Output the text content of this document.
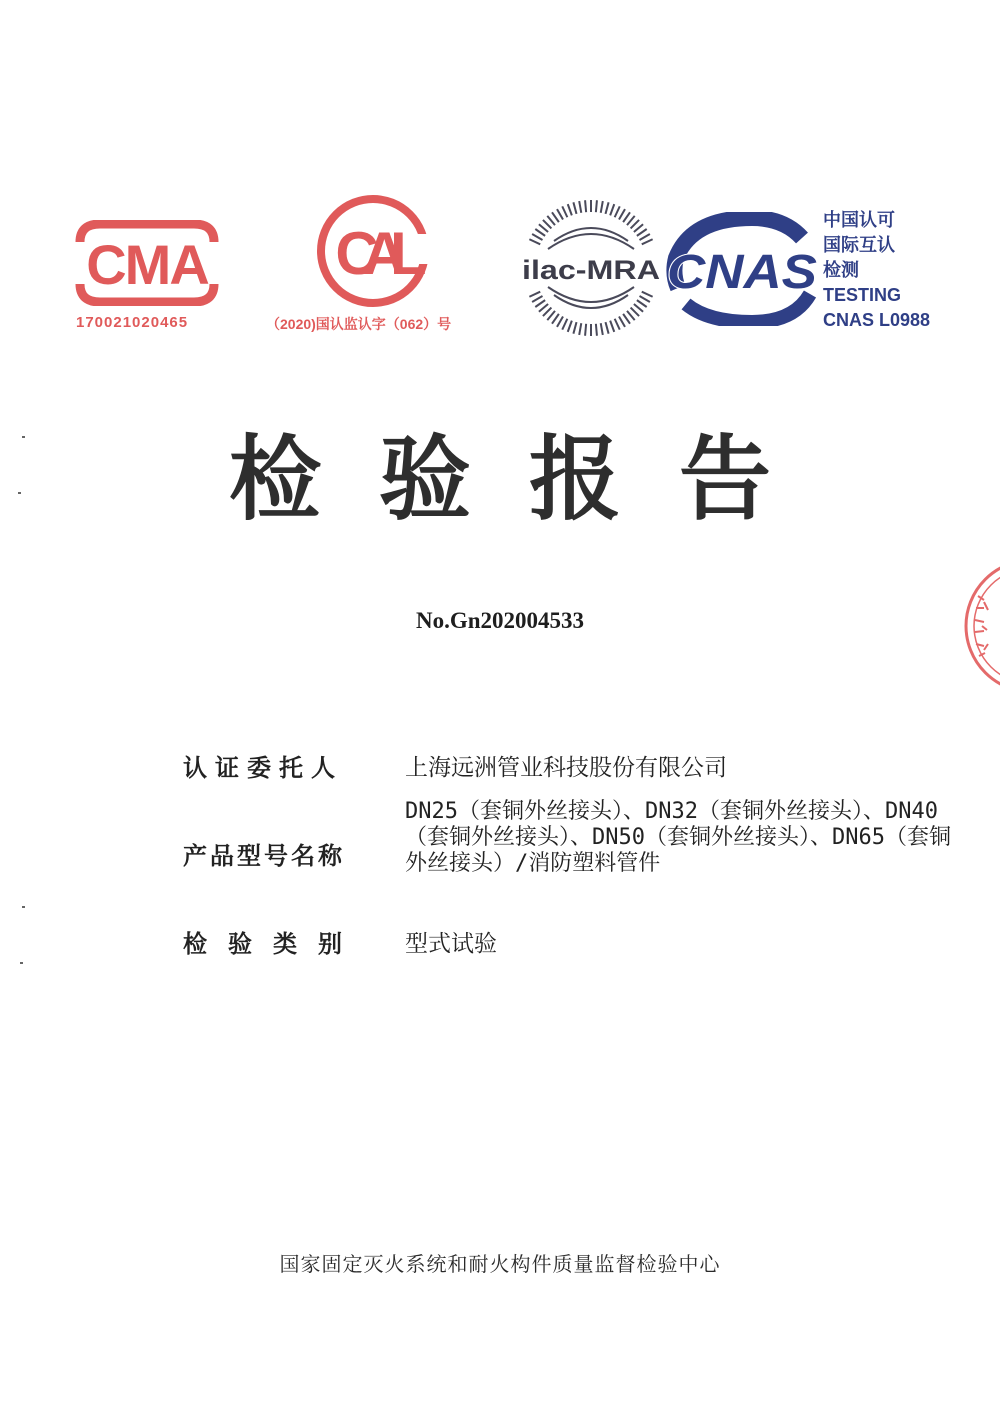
CMA
170021020465
CAL
（2020)国认监认字（062）号
ilac-MRA CNAS
中国认可
国际互认
检测
TESTING
CNAS L0988
检验报告
No.Gn202004533
认证委托人	上海远洲管业科技股份有限公司
产品型号名称
DN25（套铜外丝接头）、DN32（套铜外丝接头）、DN40（套铜外丝接头）、DN50（套铜外丝接头）、DN65（套铜外丝接头）/消防塑料管件
检验类别 型式试验
国家固定灭火系统和耐火构件质量监督检验中心
